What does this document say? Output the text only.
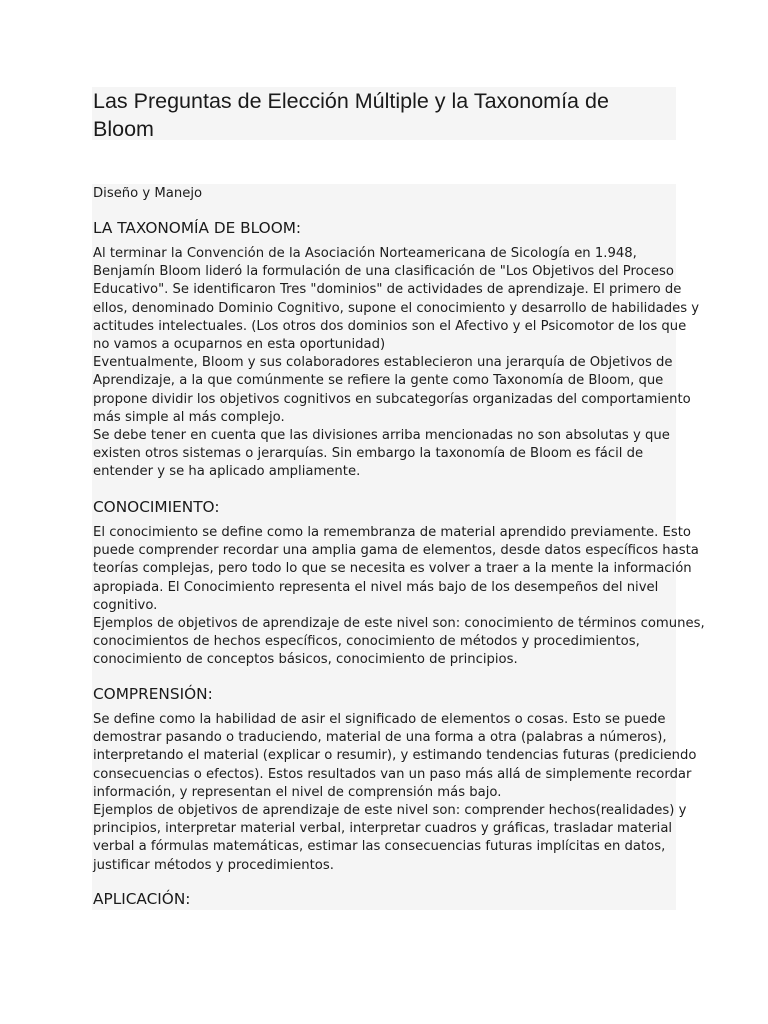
Las Preguntas de Elección Múltiple y la Taxonomía de
Bloom
Diseño y Manejo
LA TAXONOMÍA DE BLOOM:
Al terminar la Convención de la Asociación Norteamericana de Sicología en 1.948,
Benjamín Bloom lideró la formulación de una clasificación de "Los Objetivos del Proceso
Educativo". Se identificaron Tres "dominios" de actividades de aprendizaje. El primero de
ellos, denominado Dominio Cognitivo, supone el conocimiento y desarrollo de habilidades y
actitudes intelectuales. (Los otros dos dominios son el Afectivo y el Psicomotor de los que
no vamos a ocuparnos en esta oportunidad)
Eventualmente, Bloom y sus colaboradores establecieron una jerarquía de Objetivos de
Aprendizaje, a la que comúnmente se refiere la gente como Taxonomía de Bloom, que
propone dividir los objetivos cognitivos en subcategorías organizadas del comportamiento
más simple al más complejo.
Se debe tener en cuenta que las divisiones arriba mencionadas no son absolutas y que
existen otros sistemas o jerarquías. Sin embargo la taxonomía de Bloom es fácil de
entender y se ha aplicado ampliamente.
CONOCIMIENTO:
El conocimiento se define como la remembranza de material aprendido previamente. Esto
puede comprender recordar una amplia gama de elementos, desde datos específicos hasta
teorías complejas, pero todo lo que se necesita es volver a traer a la mente la información
apropiada. El Conocimiento representa el nivel más bajo de los desempeños del nivel
cognitivo.
Ejemplos de objetivos de aprendizaje de este nivel son: conocimiento de términos comunes,
conocimientos de hechos específicos, conocimiento de métodos y procedimientos,
conocimiento de conceptos básicos, conocimiento de principios.
COMPRENSIÓN:
Se define como la habilidad de asir el significado de elementos o cosas. Esto se puede
demostrar pasando o traduciendo, material de una forma a otra (palabras a números),
interpretando el material (explicar o resumir), y estimando tendencias futuras (prediciendo
consecuencias o efectos). Estos resultados van un paso más allá de simplemente recordar
información, y representan el nivel de comprensión más bajo.
Ejemplos de objetivos de aprendizaje de este nivel son: comprender hechos(realidades) y
principios, interpretar material verbal, interpretar cuadros y gráficas, trasladar material
verbal a fórmulas matemáticas, estimar las consecuencias futuras implícitas en datos,
justificar métodos y procedimientos.
APLICACIÓN:
